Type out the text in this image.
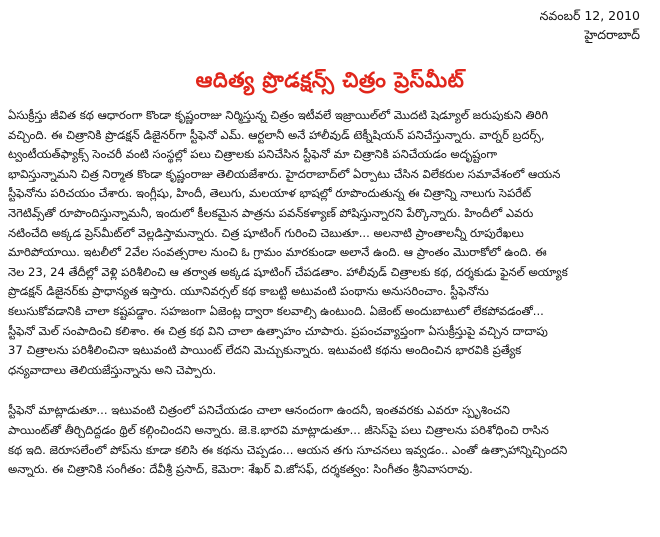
నవంబర్ 12, 2010
హైదరాబాద్
ఆదిత్య ప్రొడక్షన్స్ చిత్రం ప్రెస్‌మీట్
ఏసుక్రీస్తు జీవిత కథ ఆధారంగా కొండా కృష్ణంరాజు నిర్మిస్తున్న చిత్రం ఇటీవలే ఇజ్రాయిల్‌లో మొదటి షెడ్యూల్ జరుపుకుని తిరిగి
వచ్చింది. ఈ చిత్రానికి ప్రొడక్షన్ డిజైనర్‌గా స్టీఫెనో ఎమ్. ఆర్టలానీ అనే హాలీవుడ్ టెక్నీషియన్ పనిచేస్తున్నారు. వార్నర్ బ్రదర్స్,
ట్వంటీయత్‌ఫ్యాక్స్ సెంచరీ వంటి సంస్థల్లో పలు చిత్రాలకు పనిచేసిన స్టీఫెనో మా చిత్రానికి పనిచేయడం అదృష్టంగా
భావిస్తున్నామని చిత్ర నిర్మాత కొండా కృష్ణంరాజు తెలియజేశారు. హైదరాబాద్‌లో ఏర్పాటు చేసిన విలేకరుల సమావేశంలో ఆయన
స్టీఫెనోను పరిచయం చేశారు. ఇంగ్లీషు, హిందీ, తెలుగు, మలయాళ భాషల్లో రూపొందుతున్న ఈ చిత్రాన్ని నాలుగు సెపరేట్
నెగెటివ్స్‌తో రూపొందిస్తున్నామనీ, ఇందులో కీలకమైన పాత్రను పవన్‌కళ్యాణ్ పోషిస్తున్నారని పేర్కొన్నారు. హిందీలో ఎవరు
నటించేది అక్కడ ప్రెస్‌మీట్‌లో వెల్లడిస్తామన్నారు. చిత్ర షూటింగ్ గురించి చెబుతూ... అలనాటి ప్రాంతాలన్నీ రూపురేఖలు
మారిపోయాయి. ఇటలీలో 2వేల సంవత్సరాల నుంచి ఓ గ్రామం మారకుండా అలానే ఉంది. ఆ ప్రాంతం మొరాకోలో ఉంది. ఈ
నెల 23, 24 తేదీల్లో వెళ్లి పరిశీలించి ఆ తర్వాత అక్కడ షూటింగ్ చేపడతాం. హాలీవుడ్ చిత్రాలకు కథ, దర్శకుడు ఫైనల్ అయ్యాక
ప్రొడక్షన్ డిజైనర్‌కు ప్రాధాన్యత ఇస్తారు. యూనివర్సల్ కథ కాబట్టి అటువంటి పంథాను అనుసరించాం. స్టీఫెనోను
కలుసుకోవడానికి చాలా కష్టపడ్డాం. సహజంగా ఏజెంట్ల ద్వారా కలవాల్సి ఉంటుంది. ఏజెంట్ అందుబాటులో లేకపోవడంతో...
స్టీఫెనో మెల్ సంపాదించి కలిశాం. ఈ చిత్ర కథ విని చాలా ఉత్సాహం చూపారు. ప్రపంచవ్యాప్తంగా ఏసుక్రీస్తుపై వచ్చిన దాదాపు
37 చిత్రాలను పరిశీలించినా ఇటువంటి పాయింట్ లేదని మెచ్చుకున్నారు. ఇటువంటి కథను అందించిన భారవికి ప్రత్యేక
ధన్యవాదాలు తెలియజేస్తున్నాను అని చెప్పారు.
స్టీఫెనో మాట్లాడుతూ... ఇటువంటి చిత్రంలో పనిచేయడం చాలా ఆనందంగా ఉందనీ, ఇంతవరకు ఎవరూ స్పృశించని
పాయింట్‌తో తీర్చిదిద్దడం థ్రిల్ కల్గించిందని అన్నారు. జె.కె.భారవి మాట్లాడుతూ... జీసెస్‌పై పలు చిత్రాలను పరిశోధించి రాసిన
కథ ఇది. జెరూసలేంలో పోప్‌ను కూడా కలిసి ఈ కథను చెప్పడం... ఆయన తగు సూచనలు ఇవ్వడం.. ఎంతో ఉత్సాహాన్నిచ్చిందని
అన్నారు. ఈ చిత్రానికి సంగీతం: దేవీశ్రీ ప్రసాద్, కెమెరా: శేఖర్ వి.జోసఫ్, దర్శకత్వం: సింగీతం శ్రీనివాసరావు.
